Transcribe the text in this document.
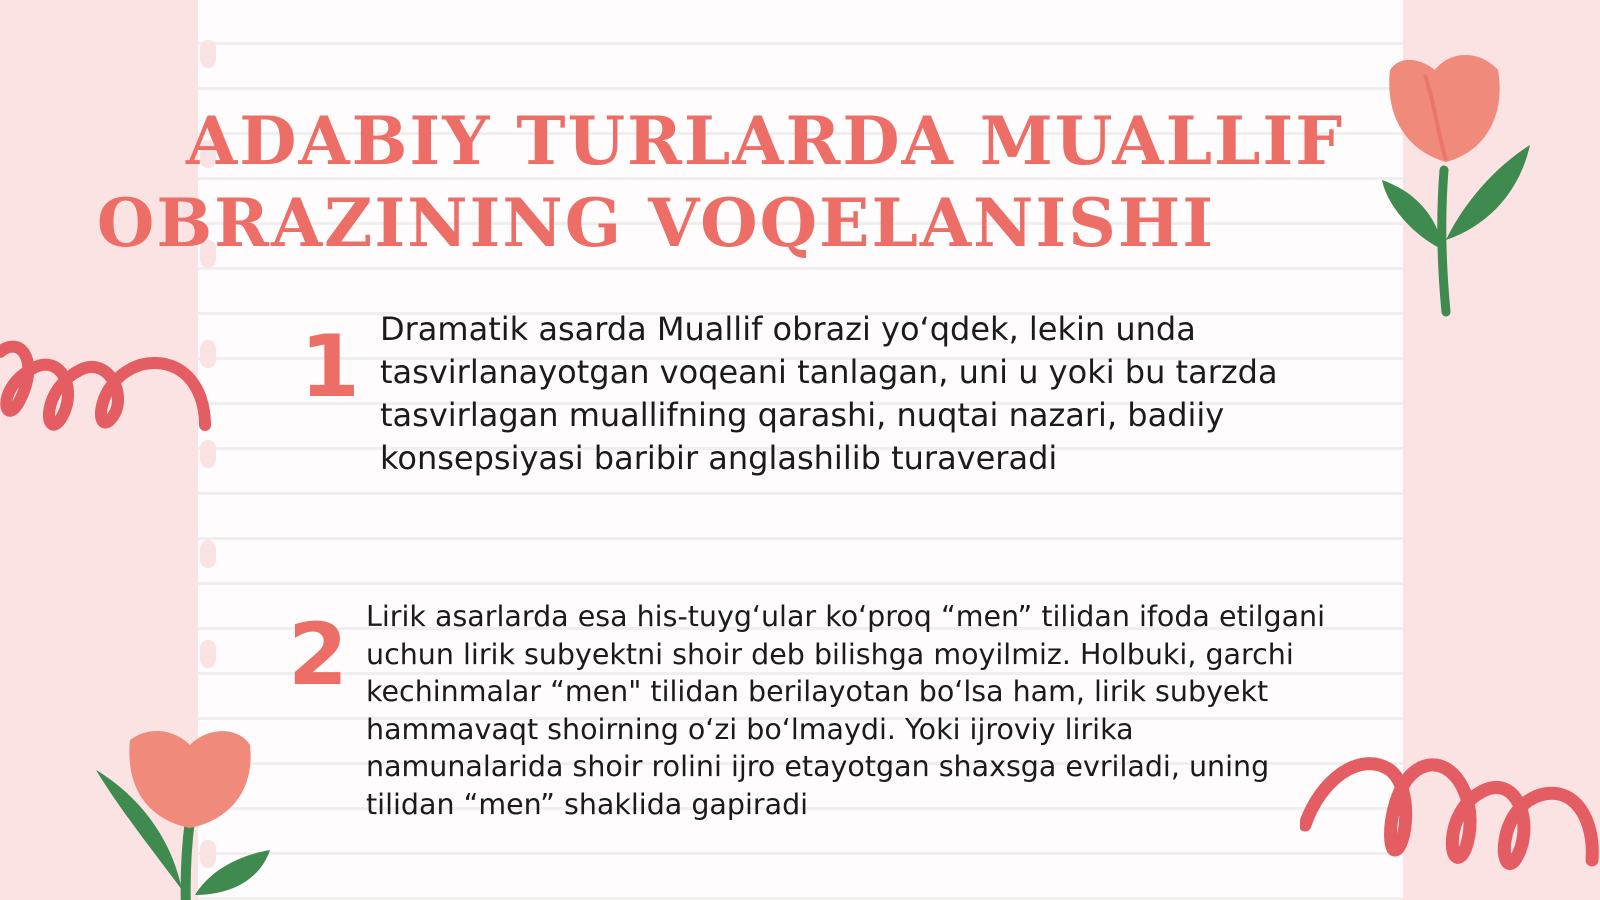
ADABIY TURLARDA MUALLIF
OBRAZINING VOQELANISHI
1 Dramatik asarda Muallif obrazi yo‘qdek, lekin unda tasvirlanayotgan voqeani tanlagan, uni u yoki bu tarzda tasvirlagan muallifning qarashi, nuqtai nazari, badiiy konsepsiyasi baribir anglashilib turaveradi
2 Lirik asarlarda esa his-tuyg‘ular ko‘proq “men” tilidan ifoda etilgani uchun lirik subyektni shoir deb bilishga moyilmiz. Holbuki, garchi kechinmalar “men" tilidan berilayotan bo‘lsa ham, lirik subyekt hammavaqt shoirning o‘zi bo‘lmaydi. Yoki ijroviy lirika namunalarida shoir rolini ijro etayotgan shaxsga evriladi, uning tilidan “men” shaklida gapiradi
